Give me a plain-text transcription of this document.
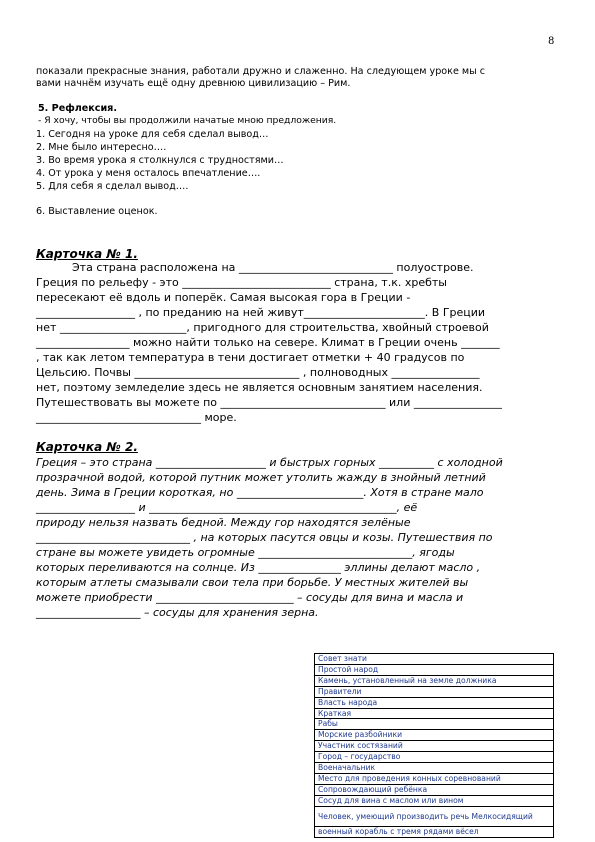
8
показали прекрасные знания, работали дружно и слаженно. На следующем уроке мы с
вами начнём изучать ещё одну древнюю цивилизацию – Рим.
5. Рефлексия.
- Я хочу, чтобы вы продолжили начатые мною предложения.
1. Сегодня на уроке для себя сделал вывод…
2. Мне было интересно….
3. Во время урока я столкнулся с трудностями…
4. От урока у меня осталось впечатление….
5. Для себя я сделал вывод….
6. Выставление оценок.
Карточка № 1.
Эта страна расположена на ____________________________ полуострове.
Греция по рельефу - это ___________________________ страна, т.к. хребты
пересекают её вдоль и поперёк. Самая высокая гора в Греции -
__________________ , по преданию на ней живут______________________. В Греции
нет _______________________, пригодного для строительства, хвойный строевой
_________________ можно найти только на севере. Климат в Греции очень _______
, так как летом температура в тени достигает отметки + 40 градусов по
Цельсию. Почвы ______________________________ , полноводных ________________
нет, поэтому земледелие здесь не является основным занятием населения.
Путешествовать вы можете по ______________________________ или ________________
______________________________ море.
Карточка № 2.
Греция – это страна ____________________ и быстрых горных __________ с холодной
прозрачной водой, которой путник может утолить жажду в знойный летний
день. Зима в Греции короткая, но _______________________. Хотя в стране мало
__________________ и _____________________________________________, её
природу нельзя назвать бедной. Между гор находятся зелёные
____________________________ , на которых пасутся овцы и козы. Путешествия по
стране вы можете увидеть огромные ____________________________, ягоды
которых переливаются на солнце. Из _______________ эллины делают масло ,
которым атлеты смазывали свои тела при борьбе. У местных жителей вы
можете приобрести _________________________ – сосуды для вина и масла и
___________________ – сосуды для хранения зерна.
Совет знати
Простой народ
Камень, установленный на земле должника
Правители
Власть народа
Краткая
Рабы
Морские разбойники
Участник состязаний
Город – государство
Военачальник
Место для проведения конных соревнований
Сопровождающий ребёнка
Сосуд для вина с маслом или вином
Человек, умеющий производить речь Мелкосидящий
военный корабль с тремя рядами вёсел
